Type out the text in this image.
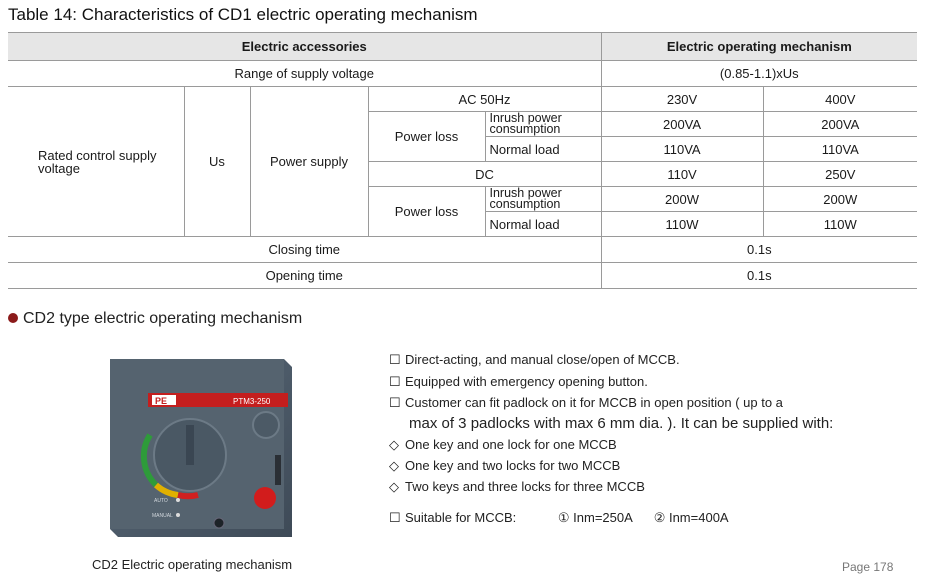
Table 14: Characteristics of CD1 electric operating mechanism
Electric accessories					Electric operating mechanism	
Range of supply voltage					(0.85-1.1)xUs	
Rated control supply voltage	Us	Power supply	AC 50Hz		230V	400V
			Power loss	Inrush power consumption	200VA	200VA
				Normal load	110VA	110VA
			DC		110V	250V
			Power loss	Inrush power consumption	200W	200W
				Normal load	110W	110W
Closing time					0.1s	
Opening time					0.1s	
CD2 type electric operating mechanism
PE	PTM3-250
AUTO
MANUAL
CD2 Electric operating mechanism
☐ Direct-acting, and manual close/open of MCCB.
☐ Equipped with emergency opening button.
☐ Customer can fit padlock on it for MCCB in open position ( up to a
max of 3 padlocks with max 6 mm dia. ). It can be supplied with:
◇ One key and one lock for one MCCB
◇ One key and two locks for two MCCB
◇ Two keys and three locks for three MCCB
☐ Suitable for MCCB:	① Inm=250A ② Inm=400A
Page 178
